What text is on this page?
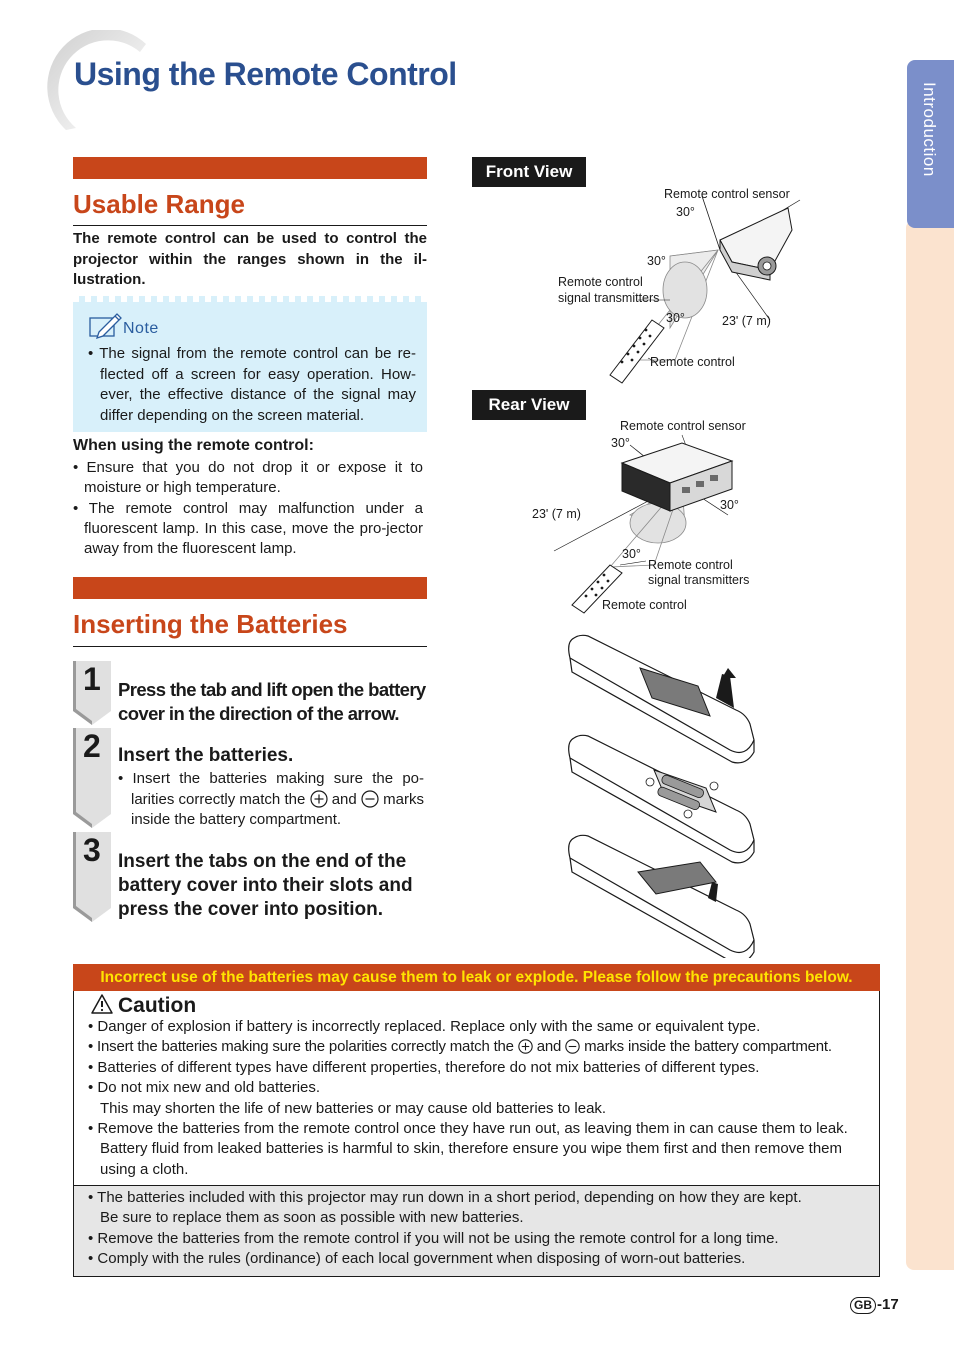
Using the Remote Control
Introduction
Usable Range
The remote control can be used to control the projector within the ranges shown in the il-lustration.
Note
• The signal from the remote control can be re-flected off a screen for easy operation. How-ever, the effective distance of the signal may differ depending on the screen material.
When using the remote control:

• Ensure that you do not drop it or expose it to moisture or high temperature.

• The remote control may malfunction under a fluorescent lamp. In this case, move the pro-jector away from the fluorescent lamp.

Inserting the Batteries
1
2
3
Press the tab and lift open the battery cover in the direction of the arrow.
Insert the batteries.
• Insert the batteries making sure the po-larities correctly match the and marks inside the battery compartment.
Insert the tabs on the end of the battery cover into their slots and press the cover into position.
Front View
Remote control sensor
30°
30°
Remote control
signal transmitters
30°	23' (7 m)
Remote control
Rear View
Remote control sensor
30°
30°
23' (7 m)
30°
Remote control
signal transmitters
Remote control
Incorrect use of the batteries may cause them to leak or explode. Please follow the precautions below.
Caution

• Danger of explosion if battery is incorrectly replaced. Replace only with the same or equivalent type.

• Insert the batteries making sure the polarities correctly match the and marks inside the battery compartment.

• Batteries of different types have different properties, therefore do not mix batteries of different types.

• Do not mix new and old batteries.

This may shorten the life of new batteries or may cause old batteries to leak.

• Remove the batteries from the remote control once they have run out, as leaving them in can cause them to leak.

Battery fluid from leaked batteries is harmful to skin, therefore ensure you wipe them first and then remove them using a cloth.

• The batteries included with this projector may run down in a short period, depending on how they are kept.

Be sure to replace them as soon as possible with new batteries.

• Remove the batteries from the remote control if you will not be using the remote control for a long time.

• Comply with the rules (ordinance) of each local government when disposing of worn-out batteries.

GB -17
